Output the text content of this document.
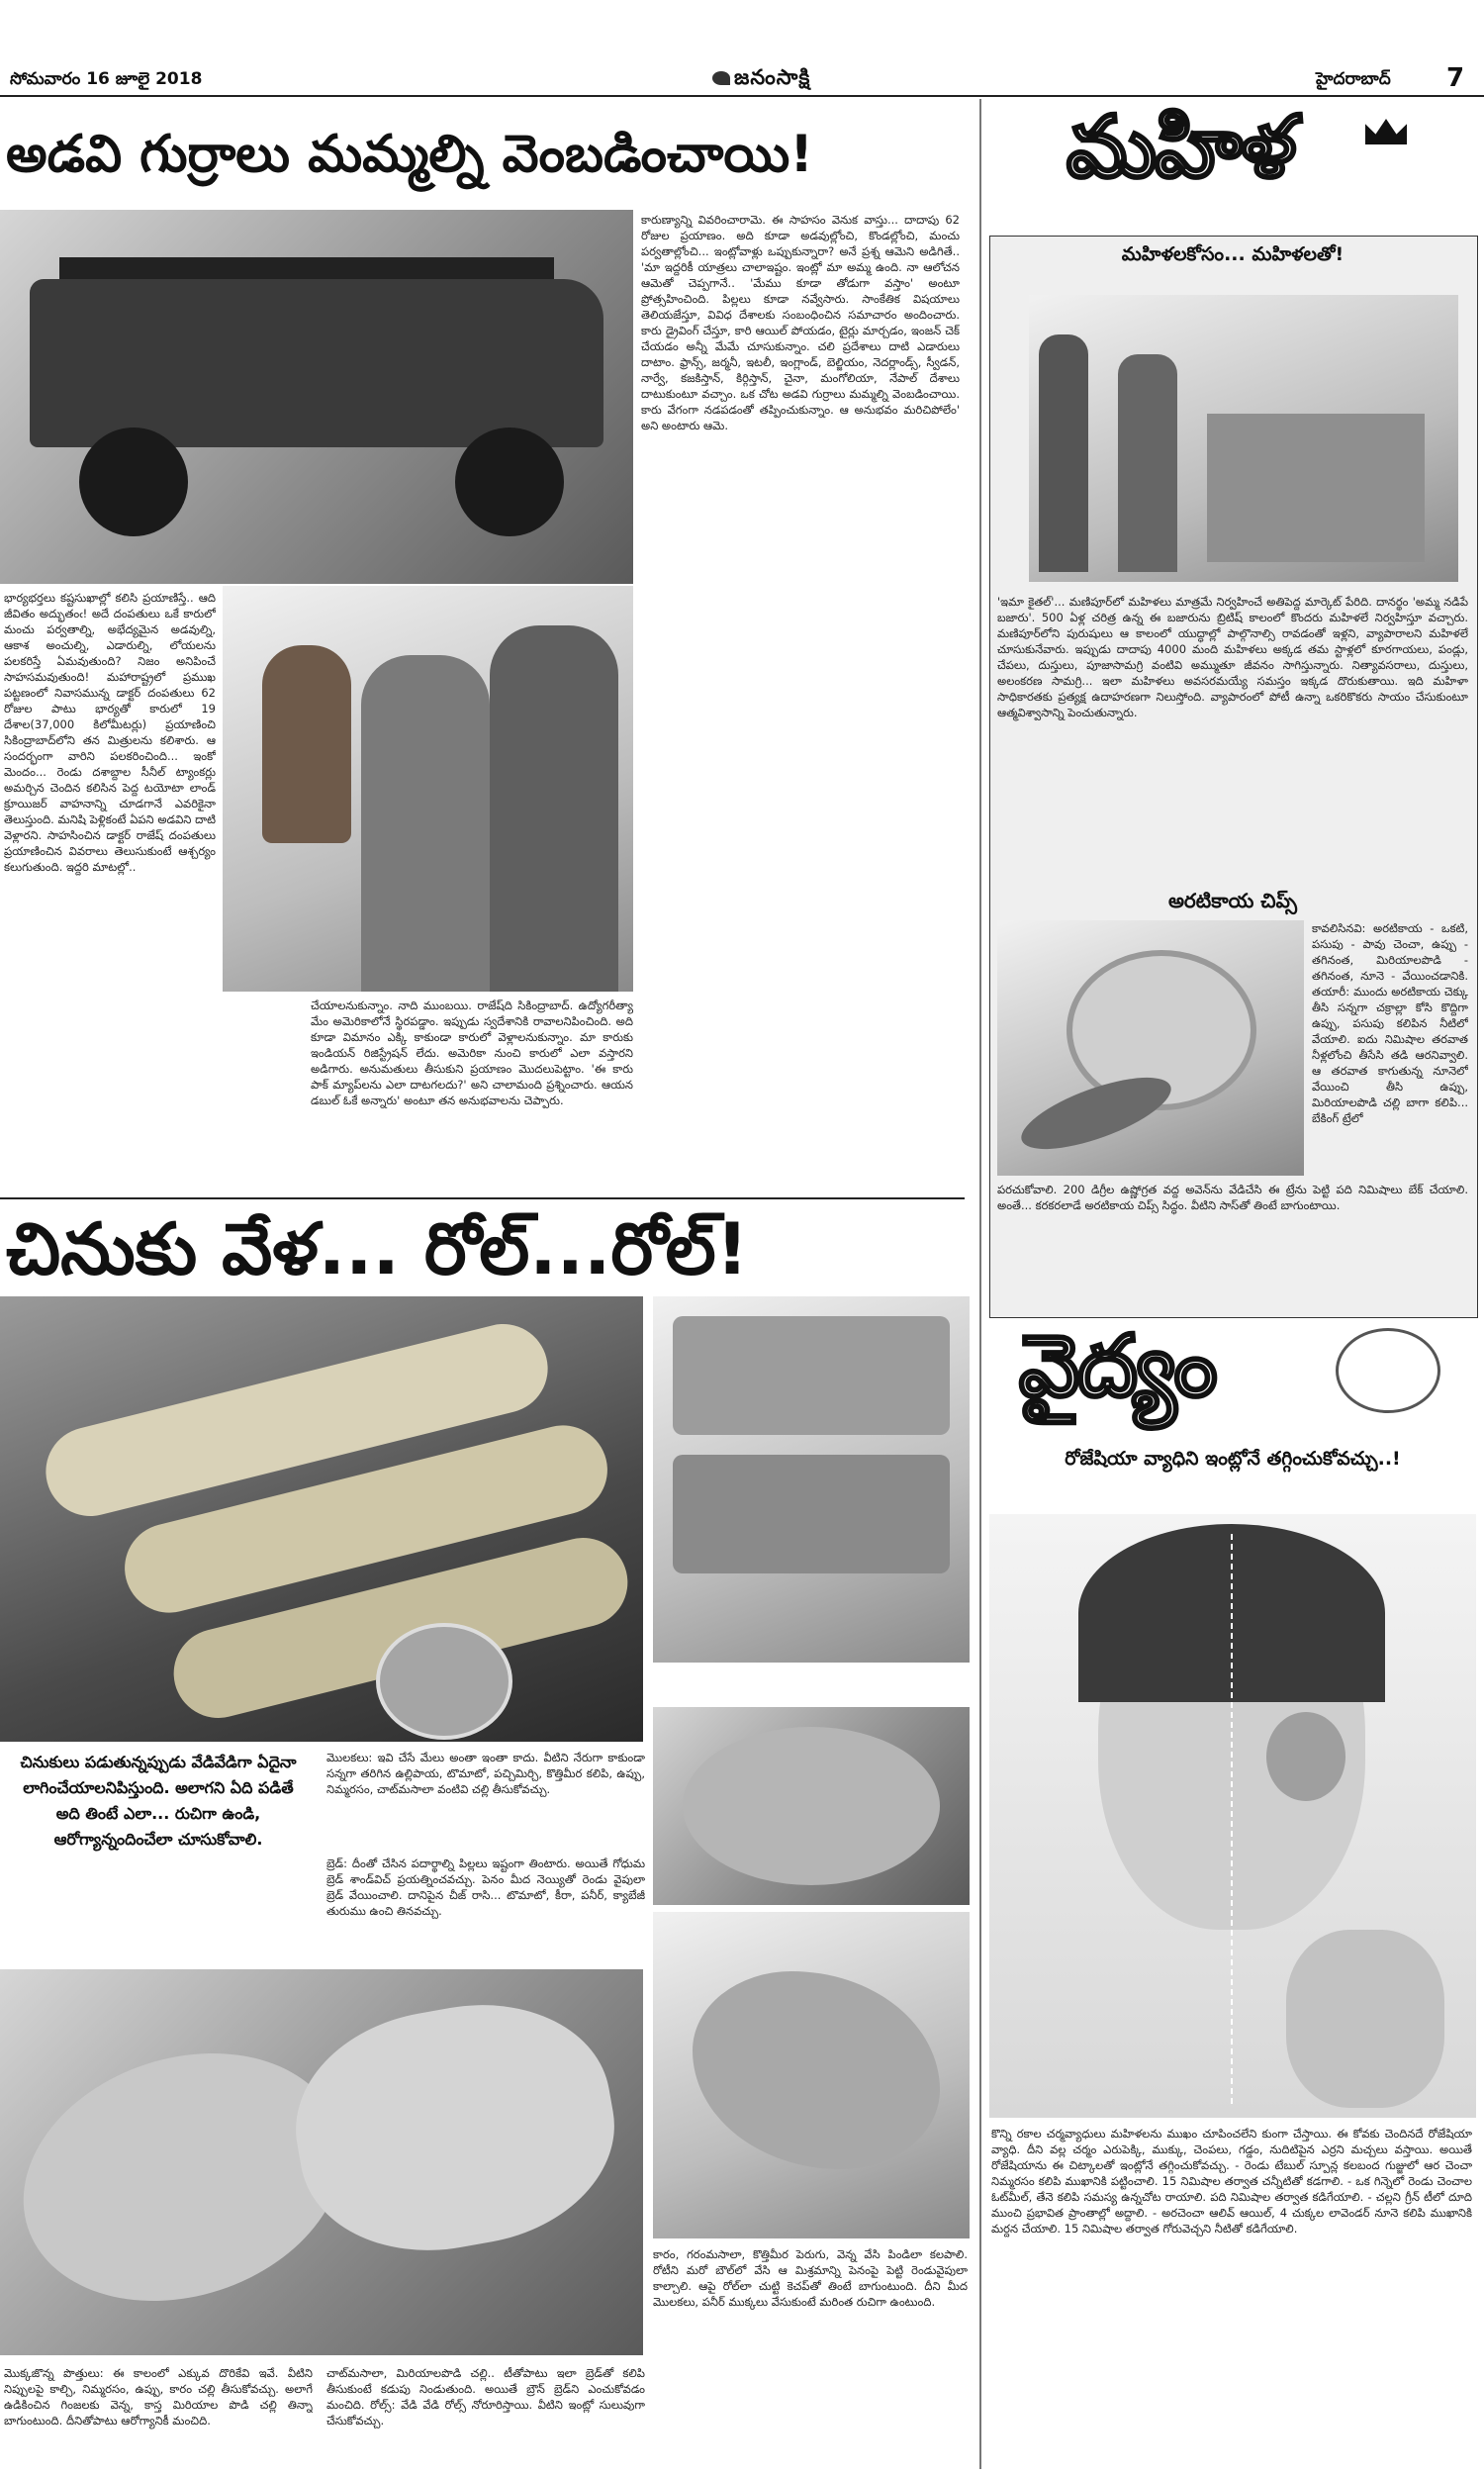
సోమవారం 16 జూలై 2018	జనంసాక్షి	హైదరాబాద్ 7
అడవి గుర్రాలు మమ్మల్ని వెంబడించాయి!
భార్యభర్తలు కష్టసుఖాల్లో కలిసి ప్రయాణిస్తే.. ఆది జీవితం అద్భుతంఁ! అదే దంపతులు ఒకే కారులో మంచు పర్వతాల్ని, అభేద్యమైన అడవుల్ని, ఆకాశ అంచుల్ని, ఎడారుల్ని, లోయలను పలకరిస్తే ఏమవుతుంది? నిజం అనిపించే సాహసమవుతుంది! మహారాష్ట్రలో ప్రముఖ పట్టణంలో నివాసమున్న డాక్టర్ దంపతులు 62 రోజుల పాటు భార్యతో కారులో 19 దేశాల(37,000 కిలోమీటర్లు) ప్రయాణించి సికింద్రాబాద్‌లోని తన మిత్రులను కలిశారు. ఆ సందర్భంగా వారిని పలకరించింది... ఇంకో మెందం... రెండు దశాబ్దాల సీనీల్ ట్యాంకర్లు అమర్చిన చెందిన కలిసిన పెద్ద టయోటా లాండ్ క్రూయిజర్ వాహనాన్ని చూడగానే ఎవరికైనా తెలుస్తుంది. మనిషి పెళ్లికంటే ఏపని అడవిని దాటి వెళ్లారని. సాహసించిన డాక్టర్ రాజేష్ దంపతులు ప్రయాణించిన వివరాలు తెలుసుకుంటే ఆశ్చర్యం కలుగుతుంది. ఇద్దరి మాటల్లో..
చేయాలనుకున్నాం. నాది ముంబయి. రాజేష్‌ది సికింద్రాబాద్. ఉద్యోగరీత్యా మేం అమెరికాలోనే స్థిరపడ్డాం. ఇప్పుడు స్వదేశానికి రావాలనిపించింది. అది కూడా విమానం ఎక్కి కాకుండా కారులో వెళ్లాలనుకున్నాం. మా కారుకు ఇండియన్ రిజిస్ట్రేషన్ లేదు. అమెరికా నుంచి కారులో ఎలా వస్తారని అడిగారు. అనుమతులు తీసుకుని ప్రయాణం మొదలుపెట్టాం. 'ఈ కారు పాక్‌ మ్యాప్‌లను ఎలా దాటగలదు?' అని చాలామంది ప్రశ్నించారు. ఆయన డబుల్ ఓకే అన్నారు' అంటూ తన అనుభవాలను చెప్పారు.
కారుణ్యాన్ని వివరించారామె. ఈ సాహసం వెనుక వాస్తు... దాదాపు 62 రోజుల ప్రయాణం. అది కూడా అడవుల్లోంచి, కొండల్లోంచి, మంచు పర్వతాల్లోంచి... ఇంట్లోవాళ్లు ఒప్పుకున్నారా? అనే ప్రశ్న ఆమెని అడిగితే.. 'మా ఇద్దరికీ యాత్రలు చాలాఇష్టం. ఇంట్లో మా అమ్మ ఉంది. నా ఆలోచన ఆమెతో చెప్పగానే.. 'మేము కూడా తోడుగా వస్తాం' అంటూ ప్రోత్సహించింది. పిల్లలు కూడా నవ్వేసారు. సాంకేతిక విషయాలు తెలియజేస్తూ, వివిధ దేశాలకు సంబంధించిన సమాచారం అందించారు. కారు డ్రైవింగ్ చేస్తూ, కారి ఆయిల్ పోయడం, టైర్లు మార్చడం, ఇంజన్ చెక్ చేయడం అన్నీ మేమే చూసుకున్నాం. చలి ప్రదేశాలు దాటి ఎడారులు దాటాం. ఫ్రాన్స్, జర్మనీ, ఇటలీ, ఇంగ్లాండ్, బెల్జియం, నెదర్లాండ్స్, స్వీడన్, నార్వే, కజకిస్తాన్, కిర్గిస్తాన్, చైనా, మంగోలియా, నేపాల్ దేశాలు దాటుకుంటూ వచ్చాం. ఒక చోట అడవి గుర్రాలు మమ్మల్ని వెంబడించాయి. కారు వేగంగా నడపడంతో తప్పించుకున్నాం. ఆ అనుభవం మరిచిపోలేం' అని అంటారు ఆమె.
చినుకు వేళ... రోల్...రోల్!
చినుకులు పడుతున్నప్పుడు వేడివేడిగా ఏదైనా లాగించేయాలనిపిస్తుంది. అలాగని ఏది పడితే అది తింటే ఎలా... రుచిగా ఉండి, ఆరోగ్యాన్నందించేలా చూసుకోవాలి.
మొలకలు: ఇవి చేసే మేలు అంతా ఇంతా కాదు. వీటిని నేరుగా కాకుండా సన్నగా తరిగిన ఉల్లిపాయ, టొమాటో, పచ్చిమిర్చి, కొత్తిమీర కలిపి, ఉప్పు, నిమ్మరసం, చాట్‌మసాలా వంటివి చల్లి తీసుకోవచ్చు.
బ్రెడ్: దీంతో చేసిన పదార్థాల్ని పిల్లలు ఇష్టంగా తింటారు. అయితే గోధుమ బ్రెడ్ శాండ్‌విచ్ ప్రయత్నించవచ్చు. పెనం మీద నెయ్యితో రెండు వైపులా బ్రెడ్ వేయించాలి. దానిపైన చీజ్ రాసి... టొమాటో, కీరా, పనీర్, క్యాబేజీ తురుము ఉంచి తినవచ్చు.
మొక్కజొన్న పొత్తులు: ఈ కాలంలో ఎక్కువ దొరికేవి ఇవే. వీటిని నిప్పులపై కాల్చి, నిమ్మరసం, ఉప్పు, కారం చల్లి తీసుకోవచ్చు. అలాగే ఉడికించిన గింజలకు వెన్న, కాస్త మిరియాల పొడి చల్లి తిన్నా బాగుంటుంది. దీనితోపాటు ఆరోగ్యానికీ మంచిది.
చాట్‌మసాలా, మిరియాలపొడి చల్లి.. టీతోపాటు ఇలా బ్రెడ్‌తో కలిపి తీసుకుంటే కడుపు నిండుతుంది. అయితే బ్రౌన్ బ్రెడ్‌ని ఎంచుకోవడం మంచిది. రోల్స్: వేడి వేడి రోల్స్ నోరూరిస్తాయి. వీటిని ఇంట్లో సులువుగా చేసుకోవచ్చు.
కారం, గరంమసాలా, కొత్తిమీర పెరుగు, వెన్న వేసి పిండిలా కలపాలి. రోటీని మరో బౌల్‌లో వేసి ఆ మిశ్రమాన్ని పెనంపై పెట్టి రెండువైపులా కాల్చాలి. ఆపై రోల్‌లా చుట్టి కెచప్‌తో తింటే బాగుంటుంది. దీని మీద మొలకలు, పనీర్ ముక్కలు వేసుకుంటే మరింత రుచిగా ఉంటుంది.
మహిళ
మహిళలకోసం... మహిళలతో!
'ఇమా కైతల్'... మణిపూర్‌లో మహిళలు మాత్రమే నిర్వహించే అతిపెద్ద మార్కెట్ పేరిది. దానర్థం 'అమ్మ నడిపే బజారు'. 500 ఏళ్ల చరిత్ర ఉన్న ఈ బజారును బ్రిటిష్ కాలంలో కొందరు మహిళలే నిర్వహిస్తూ వచ్చారు. మణిపూర్‌లోని పురుషులు ఆ కాలంలో యుద్ధాల్లో పాల్గొనాల్సి రావడంతో ఇళ్లని, వ్యాపారాలని మహిళలే చూసుకునేవారు. ఇప్పుడు దాదాపు 4000 మంది మహిళలు అక్కడ తమ స్టాళ్లలో కూరగాయలు, పండ్లు, చేపలు, దుస్తులు, పూజాసామగ్రి వంటివి అమ్ముతూ జీవనం సాగిస్తున్నారు. నిత్యావసరాలు, దుస్తులు, అలంకరణ సామగ్రి... ఇలా మహిళలు అవసరమయ్యే సమస్తం ఇక్కడ దొరుకుతాయి. ఇది మహిళా సాధికారతకు ప్రత్యక్ష ఉదాహరణగా నిలుస్తోంది. వ్యాపారంలో పోటీ ఉన్నా ఒకరికొకరు సాయం చేసుకుంటూ ఆత్మవిశ్వాసాన్ని పెంచుతున్నారు.
అరటికాయ చిప్స్
కావలిసినవి: అరటికాయ - ఒకటి, పసుపు - పావు చెంచా, ఉప్పు - తగినంత, మిరియాలపొడి - తగినంత, నూనె - వేయించడానికి. తయారీ: ముందు అరటికాయ చెక్కు తీసి సన్నగా చక్రాల్లా కోసి కొద్దిగా ఉప్పు, పసుపు కలిపిన నీటిలో వేయాలి. ఐదు నిమిషాల తరవాత నీళ్లలోంచి తీసేసి తడి ఆరనివ్వాలి. ఆ తరవాత కాగుతున్న నూనెలో వేయించి తీసి ఉప్పు, మిరియాలపొడి చల్లి బాగా కలిపి... బేకింగ్ ట్రేలో
పరచుకోవాలి. 200 డిగ్రీల ఉష్ణోగ్రత వద్ద అవెన్‌ను వేడిచేసి ఈ ట్రేను పెట్టి పది నిమిషాలు బేక్ చేయాలి. అంతే... కరకరలాడే అరటికాయ చిప్స్ సిద్ధం. వీటిని సాస్‌తో తింటే బాగుంటాయి.
వైద్యం
రోజేషియా వ్యాధిని ఇంట్లోనే తగ్గించుకోవచ్చు..!
కొన్ని రకాల చర్మవ్యాధులు మహిళలను ముఖం చూపించలేని కుంగా చేస్తాయి. ఈ కోవకు చెందినదే రోజేషియా వ్యాధి. దీని వల్ల చర్మం ఎరుపెక్కి, ముక్కు, చెంపలు, గడ్డం, నుదిటిపైన ఎర్రని మచ్చలు వస్తాయి. అయితే రోజేషియాను ఈ చిట్కాలతో ఇంట్లోనే తగ్గించుకోవచ్చు. - రెండు టేబుల్ స్పూన్ల కలబంద గుజ్జులో ఆర చెంచా నిమ్మరసం కలిపి ముఖానికి పట్టించాలి. 15 నిమిషాల తర్వాత చన్నీటితో కడగాలి. - ఒక గిన్నెలో రెండు చెంచాల ఓట్‌మీల్, తేనె కలిపి సమస్య ఉన్నచోట రాయాలి. పది నిమిషాల తర్వాత కడిగేయాలి. - చల్లని గ్రీన్ టీలో దూది ముంచి ప్రభావిత ప్రాంతాల్లో అద్దాలి. - అరచెంచా ఆలివ్ ఆయిల్, 4 చుక్కల లావెండర్ నూనె కలిపి ముఖానికి మర్దన చేయాలి. 15 నిమిషాల తర్వాత గోరువెచ్చని నీటితో కడిగేయాలి.
